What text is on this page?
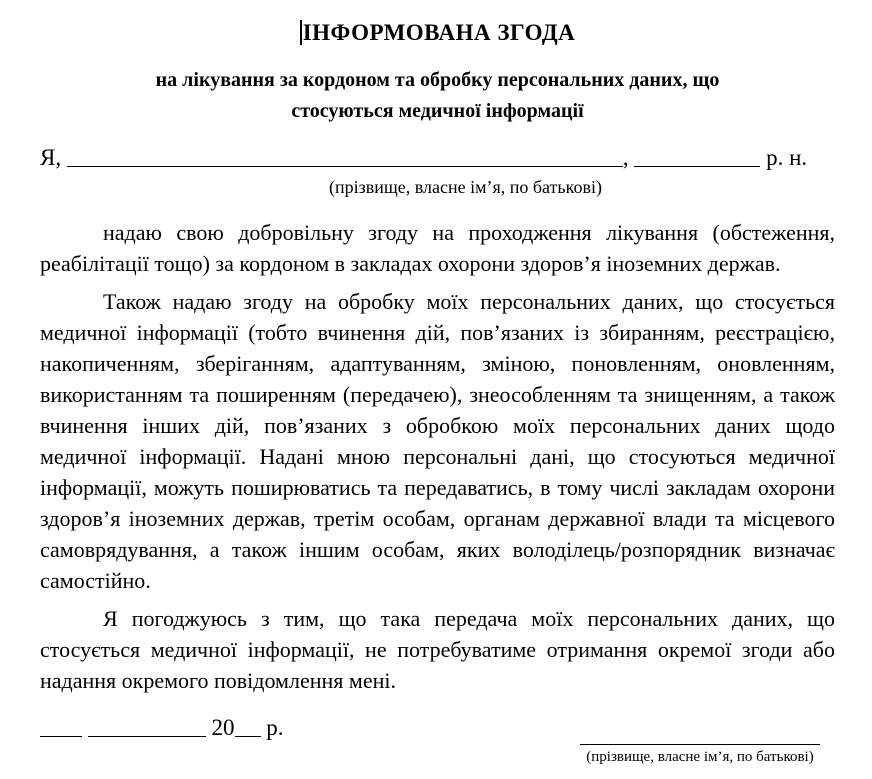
ІНФОРМОВАНА ЗГОДА
на лікування за кордоном та обробку персональних даних, що стосуються медичної інформації
Я,	,	р. н.
(прізвище, власне ім’я, по батькові)

надаю свою добровільну згоду на проходження лікування (обстеження, реабілітації тощо) за кордоном в закладах охорони здоров’я іноземних держав.

Також надаю згоду на обробку моїх персональних даних, що стосується медичної інформації (тобто вчинення дій, пов’язаних із збиранням, реєстрацією, накопиченням, зберіганням, адаптуванням, зміною, поновленням, оновленням, використанням та поширенням (передачею), знеособленням та знищенням, а також вчинення інших дій, пов’язаних з обробкою моїх персональних даних щодо медичної інформації. Надані мною персональні дані, що стосуються медичної інформації, можуть поширюватись та передаватись, в тому числі закладам охорони здоров’я іноземних держав, третім особам, органам державної влади та місцевого самоврядування, а також іншим особам, яких володілець/розпорядник визначає самостійно.

Я погоджуюсь з тим, що така передача моїх персональних даних, що стосується медичної інформації, не потребуватиме отримання окремої згоди або надання окремого повідомлення мені.

20 р.
(прізвище, власне ім’я, по батькові)
